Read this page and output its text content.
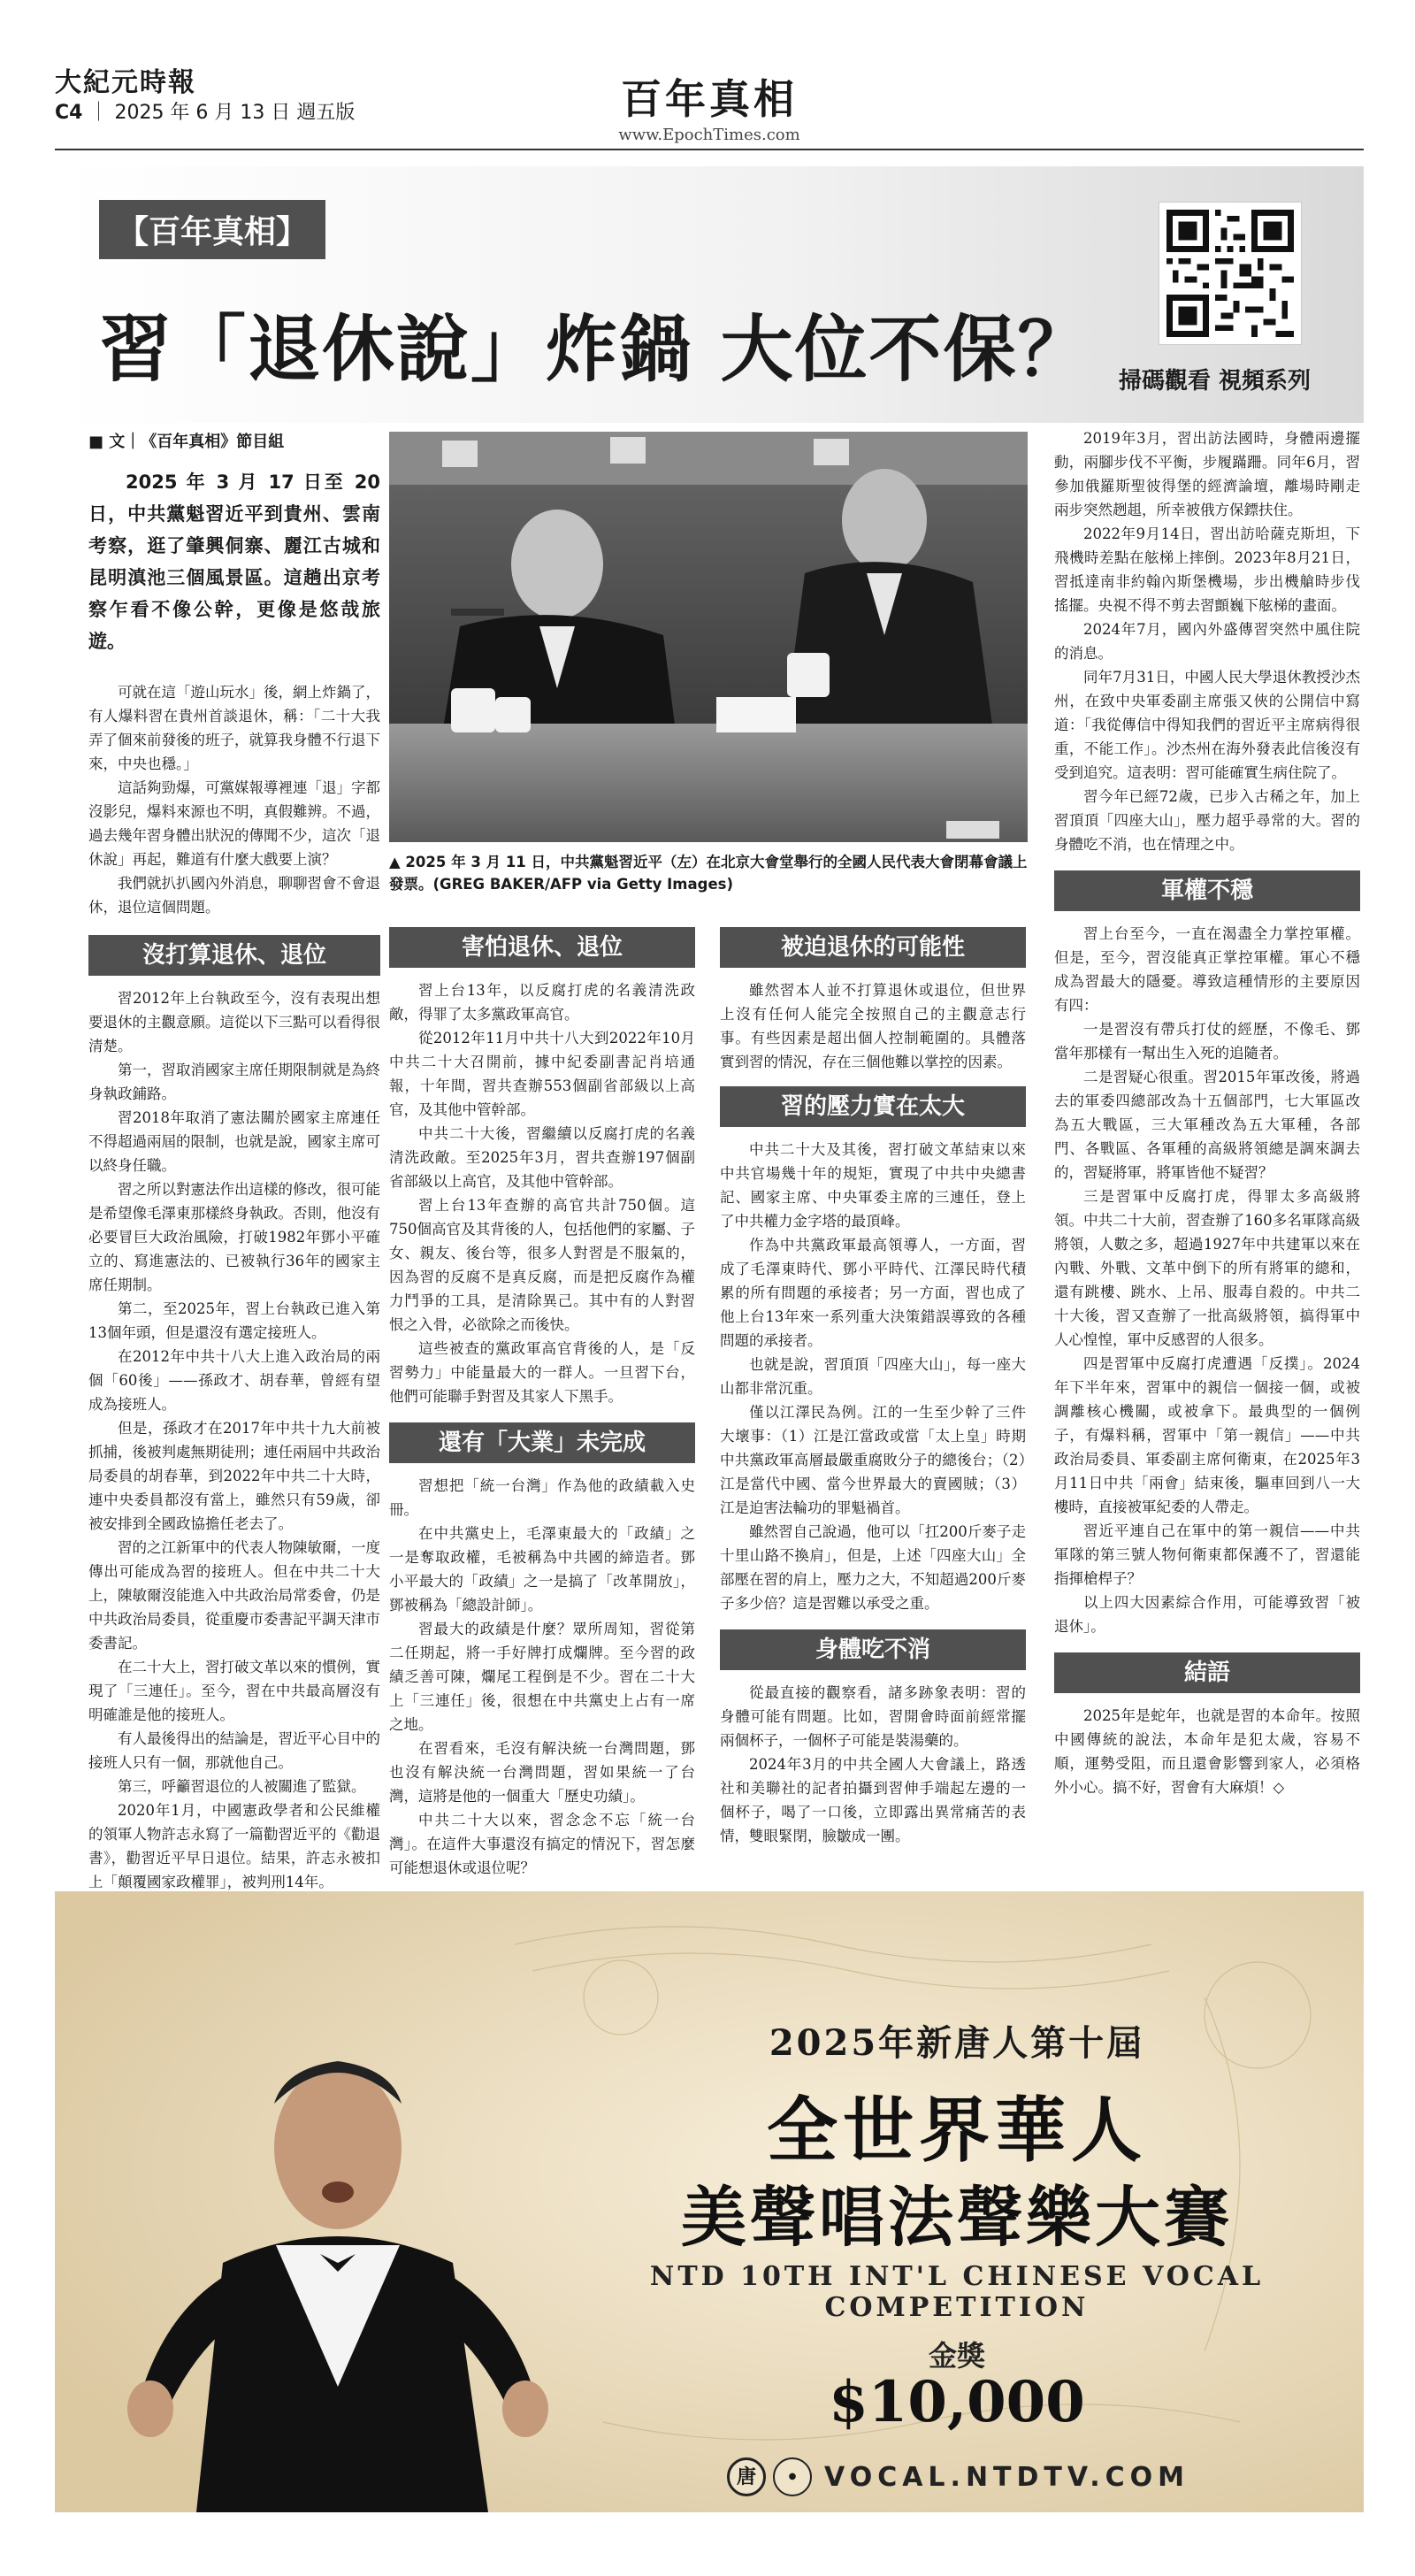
大紀元時報
C4 ｜ 2025 年 6 月 13 日 週五版	百年真相
www.EpochTimes.com
【百年真相】
習「退休說」炸鍋 大位不保？ 掃碼觀看 視頻系列
■ 文｜《百年真相》節目組
2025 年 3 月 17 日至 20 日，中共黨魁習近平到貴州、雲南考察，逛了肇興侗寨、麗江古城和昆明滇池三個風景區。這趟出京考察乍看不像公幹，更像是悠哉旅遊。

可就在這「遊山玩水」後，網上炸鍋了，有人爆料習在貴州首談退休，稱：「二十大我弄了個來前發後的班子，就算我身體不行退下來，中央也穩。」

這話夠勁爆，可黨媒報導裡連「退」字都沒影兒，爆料來源也不明，真假難辨。不過，過去幾年習身體出狀況的傳聞不少，這次「退休說」再起，難道有什麼大戲要上演？

我們就扒扒國內外消息，聊聊習會不會退休，退位這個問題。

沒打算退休、退位

習2012年上台執政至今，沒有表現出想要退休的主觀意願。這從以下三點可以看得很清楚。

第一，習取消國家主席任期限制就是為終身執政鋪路。

習2018年取消了憲法關於國家主席連任不得超過兩屆的限制，也就是說，國家主席可以終身任職。

習之所以對憲法作出這樣的修改，很可能是希望像毛澤東那樣終身執政。否則，他沒有必要冒巨大政治風險，打破1982年鄧小平確立的、寫進憲法的、已被執行36年的國家主席任期制。

第二，至2025年，習上台執政已進入第13個年頭，但是還沒有選定接班人。

在2012年中共十八大上進入政治局的兩個「60後」——孫政才、胡春華，曾經有望成為接班人。

但是，孫政才在2017年中共十九大前被抓捕，後被判處無期徒刑；連任兩屆中共政治局委員的胡春華，到2022年中共二十大時，連中央委員都沒有當上，雖然只有59歲，卻被安排到全國政協擔任老去了。

習的之江新軍中的代表人物陳敏爾，一度傳出可能成為習的接班人。但在中共二十大上，陳敏爾沒能進入中共政治局常委會，仍是中共政治局委員，從重慶市委書記平調天津市委書記。

在二十大上，習打破文革以來的慣例，實現了「三連任」。至今，習在中共最高層沒有明確誰是他的接班人。

有人最後得出的結論是，習近平心目中的接班人只有一個，那就他自己。

第三，呼籲習退位的人被關進了監獄。

2020年1月，中國憲政學者和公民維權的領軍人物許志永寫了一篇勸習近平的《勸退書》，勸習近平早日退位。結果，許志永被扣上「顛覆國家政權罪」，被判刑14年。

▲ 2025 年 3 月 11 日，中共黨魁習近平（左）在北京大會堂舉行的全國人民代表大會閉幕會議上發票。(GREG BAKER/AFP via Getty Images)
害怕退休、退位

習上台13年，以反腐打虎的名義清洗政敵，得罪了太多黨政軍高官。

從2012年11月中共十八大到2022年10月中共二十大召開前，據中紀委副書記肖培通報，十年間，習共查辦553個副省部級以上高官，及其他中管幹部。

中共二十大後，習繼續以反腐打虎的名義清洗政敵。至2025年3月，習共查辦197個副省部級以上高官，及其他中管幹部。

習上台13年查辦的高官共計750個。這750個高官及其背後的人，包括他們的家屬、子女、親友、後台等，很多人對習是不服氣的，因為習的反腐不是真反腐，而是把反腐作為權力鬥爭的工具，是清除異己。其中有的人對習恨之入骨，必欲除之而後快。

這些被查的黨政軍高官背後的人，是「反習勢力」中能量最大的一群人。一旦習下台，他們可能聯手對習及其家人下黑手。

還有「大業」未完成

習想把「統一台灣」作為他的政績載入史冊。

在中共黨史上，毛澤東最大的「政績」之一是奪取政權，毛被稱為中共國的締造者。鄧小平最大的「政績」之一是搞了「改革開放」，鄧被稱為「總設計師」。

習最大的政績是什麼？眾所周知，習從第二任期起，將一手好牌打成爛牌。至今習的政績乏善可陳，爛尾工程倒是不少。習在二十大上「三連任」後，很想在中共黨史上占有一席之地。

在習看來，毛沒有解決統一台灣問題，鄧也沒有解決統一台灣問題，習如果統一了台灣，這將是他的一個重大「歷史功績」。

中共二十大以來，習念念不忘「統一台灣」。在這件大事還沒有搞定的情況下，習怎麼可能想退休或退位呢？

被迫退休的可能性

雖然習本人並不打算退休或退位，但世界上沒有任何人能完全按照自己的主觀意志行事。有些因素是超出個人控制範圍的。具體落實到習的情況，存在三個他難以掌控的因素。

習的壓力實在太大

中共二十大及其後，習打破文革結束以來中共官場幾十年的規矩，實現了中共中央總書記、國家主席、中央軍委主席的三連任，登上了中共權力金字塔的最頂峰。

作為中共黨政軍最高領導人，一方面，習成了毛澤東時代、鄧小平時代、江澤民時代積累的所有問題的承接者；另一方面，習也成了他上台13年來一系列重大決策錯誤導致的各種問題的承接者。

也就是說，習頂頂「四座大山」，每一座大山都非常沉重。

僅以江澤民為例。江的一生至少幹了三件大壞事：（1）江是江當政或當「太上皇」時期中共黨政軍高層最嚴重腐敗分子的總後台；（2）江是當代中國、當今世界最大的賣國賊；（3）江是迫害法輪功的罪魁禍首。

雖然習自己說過，他可以「扛200斤麥子走十里山路不換肩」，但是，上述「四座大山」全部壓在習的肩上，壓力之大，不知超過200斤麥子多少倍？這是習難以承受之重。

身體吃不消

從最直接的觀察看，諸多跡象表明：習的身體可能有問題。比如，習開會時面前經常擺兩個杯子，一個杯子可能是裝湯藥的。

2024年3月的中共全國人大會議上，路透社和美聯社的記者拍攝到習伸手端起左邊的一個杯子，喝了一口後，立即露出異常痛苦的表情，雙眼緊閉，臉皺成一團。

2019年3月，習出訪法國時，身體兩邊擺動，兩腳步伐不平衡，步履蹣跚。同年6月，習參加俄羅斯聖彼得堡的經濟論壇，離場時剛走兩步突然趔趄，所幸被俄方保鏢扶住。

2022年9月14日，習出訪哈薩克斯坦，下飛機時差點在舷梯上摔倒。2023年8月21日，習抵達南非約翰內斯堡機場，步出機艙時步伐搖擺。央視不得不剪去習顫巍下舷梯的畫面。

2024年7月，國內外盛傳習突然中風住院的消息。

同年7月31日，中國人民大學退休教授沙杰州，在致中央軍委副主席張又俠的公開信中寫道：「我從傳信中得知我們的習近平主席病得很重，不能工作」。沙杰州在海外發表此信後沒有受到追究。這表明：習可能確實生病住院了。

習今年已經72歲，已步入古稀之年，加上習頂頂「四座大山」，壓力超乎尋常的大。習的身體吃不消，也在情理之中。

軍權不穩

習上台至今，一直在渴盡全力掌控軍權。但是，至今，習沒能真正掌控軍權。軍心不穩成為習最大的隱憂。導致這種情形的主要原因有四：

一是習沒有帶兵打仗的經歷，不像毛、鄧當年那樣有一幫出生入死的追隨者。

二是習疑心很重。習2015年軍改後，將過去的軍委四總部改為十五個部門，七大軍區改為五大戰區，三大軍種改為五大軍種，各部門、各戰區、各軍種的高級將領總是調來調去的，習疑將軍，將軍皆他不疑習？

三是習軍中反腐打虎，得罪太多高級將領。中共二十大前，習查辦了160多名軍隊高級將領，人數之多，超過1927年中共建軍以來在內戰、外戰、文革中倒下的所有將軍的總和，還有跳樓、跳水、上吊、服毒自殺的。中共二十大後，習又查辦了一批高級將領，搞得軍中人心惶惶，軍中反感習的人很多。

四是習軍中反腐打虎遭遇「反撲」。2024年下半年來，習軍中的親信一個接一個，或被調離核心機關，或被拿下。最典型的一個例子，有爆料稱，習軍中「第一親信」——中共政治局委員、軍委副主席何衛東，在2025年3月11日中共「兩會」結束後，驅車回到八一大樓時，直接被軍紀委的人帶走。

習近平連自己在軍中的第一親信——中共軍隊的第三號人物何衛東都保護不了，習還能指揮槍桿子？

以上四大因素綜合作用，可能導致習「被退休」。

結語

2025年是蛇年，也就是習的本命年。按照中國傳統的說法，本命年是犯太歲，容易不順，運勢受阻，而且還會影響到家人，必須格外小心。搞不好，習會有大麻煩！◇

2025年新唐人第十屆
全世界華人
美聲唱法聲樂大賽
NTD 10TH INT'L CHINESE VOCAL COMPETITION
金獎
$10,000
唐	●	VOCAL.NTDTV.COM
